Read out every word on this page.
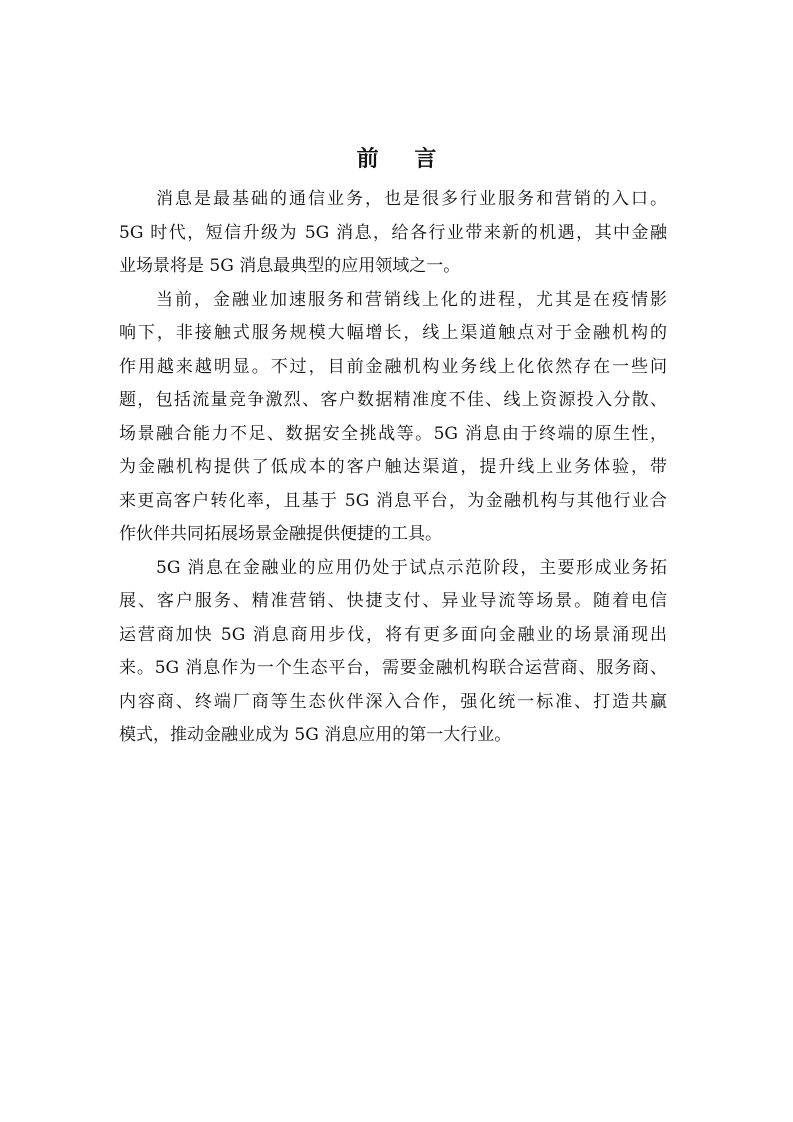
前 言
消息是最基础的通信业务，也是很多行业服务和营销的入口。
5G 时代，短信升级为 5G 消息，给各行业带来新的机遇，其中金融
业场景将是 5G 消息最典型的应用领域之一。
当前，金融业加速服务和营销线上化的进程，尤其是在疫情影
响下，非接触式服务规模大幅增长，线上渠道触点对于金融机构的
作用越来越明显。不过，目前金融机构业务线上化依然存在一些问
题，包括流量竞争激烈、客户数据精准度不佳、线上资源投入分散、
场景融合能力不足、数据安全挑战等。5G 消息由于终端的原生性，
为金融机构提供了低成本的客户触达渠道，提升线上业务体验，带
来更高客户转化率，且基于 5G 消息平台，为金融机构与其他行业合
作伙伴共同拓展场景金融提供便捷的工具。
5G 消息在金融业的应用仍处于试点示范阶段，主要形成业务拓
展、客户服务、精准营销、快捷支付、异业导流等场景。随着电信
运营商加快 5G 消息商用步伐，将有更多面向金融业的场景涌现出
来。5G 消息作为一个生态平台，需要金融机构联合运营商、服务商、
内容商、终端厂商等生态伙伴深入合作，强化统一标准、打造共赢
模式，推动金融业成为 5G 消息应用的第一大行业。
